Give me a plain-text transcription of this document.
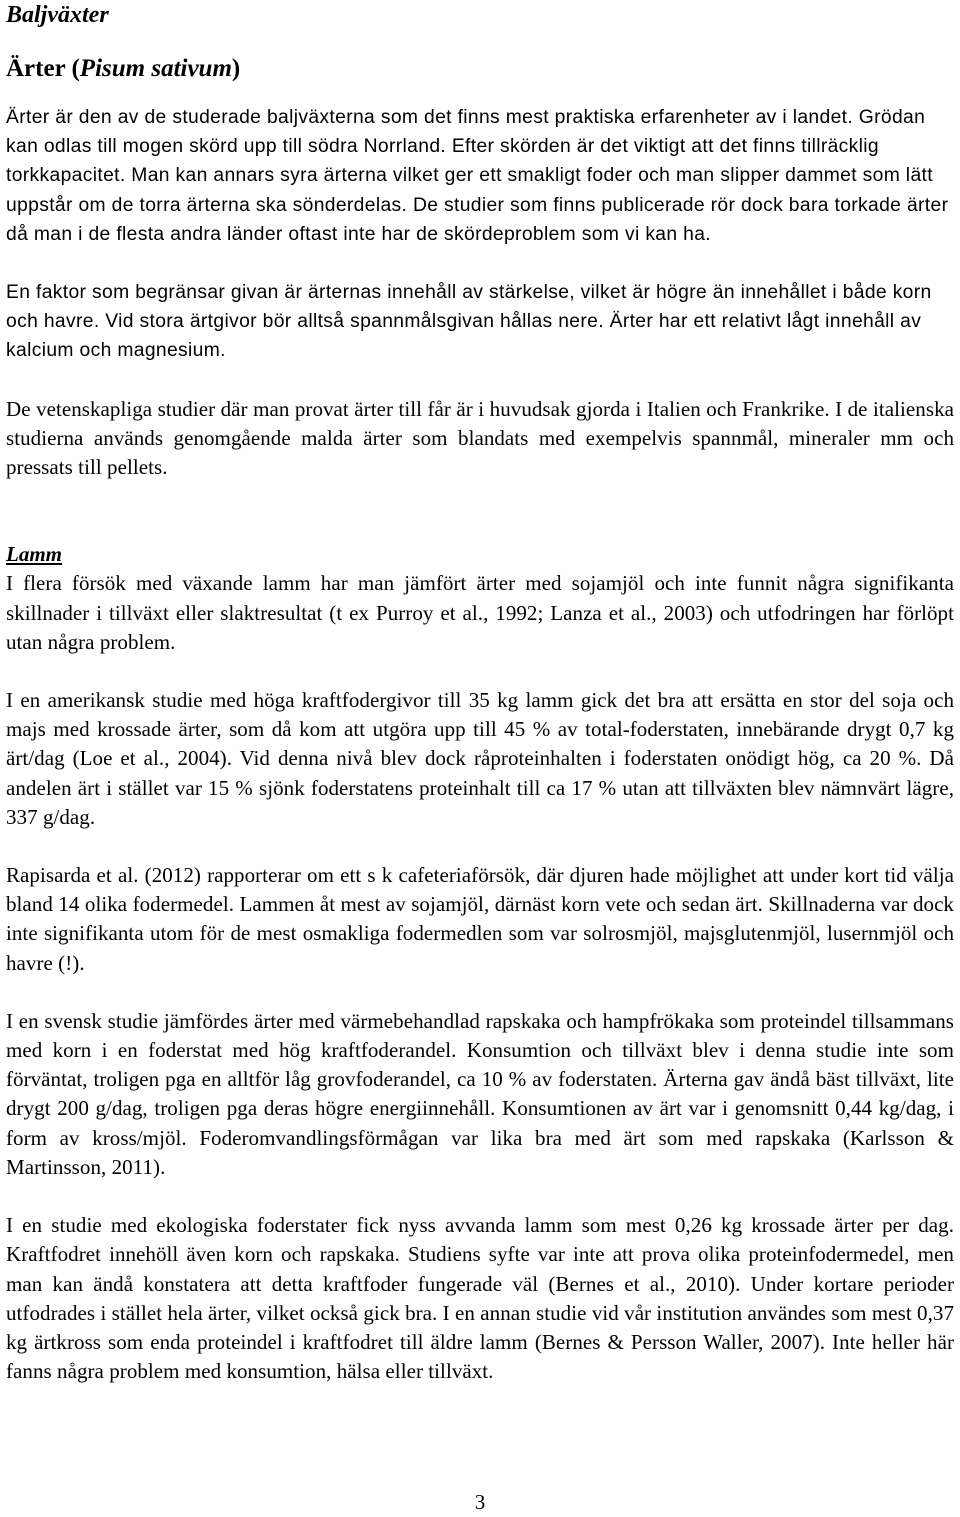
Baljväxter
Ärter (Pisum sativum)

Ärter är den av de studerade baljväxterna som det finns mest praktiska erfarenheter av i landet. Grödan kan odlas till mogen skörd upp till södra Norrland. Efter skörden är det viktigt att det finns tillräcklig torkkapacitet. Man kan annars syra ärterna vilket ger ett smakligt foder och man slipper dammet som lätt uppstår om de torra ärterna ska sönderdelas. De studier som finns publicerade rör dock bara torkade ärter då man i de flesta andra länder oftast inte har de skördeproblem som vi kan ha.

En faktor som begränsar givan är ärternas innehåll av stärkelse, vilket är högre än innehållet i både korn och havre. Vid stora ärtgivor bör alltså spannmålsgivan hållas nere. Ärter har ett relativt lågt innehåll av kalcium och magnesium.

De vetenskapliga studier där man provat ärter till får är i huvudsak gjorda i Italien och Frankrike. I de italienska studierna används genomgående malda ärter som blandats med exempelvis spannmål, mineraler mm och pressats till pellets.

Lamm

I flera försök med växande lamm har man jämfört ärter med sojamjöl och inte funnit några signifikanta skillnader i tillväxt eller slaktresultat (t ex Purroy et al., 1992; Lanza et al., 2003) och utfodringen har förlöpt utan några problem.

I en amerikansk studie med höga kraftfodergivor till 35 kg lamm gick det bra att ersätta en stor del soja och majs med krossade ärter, som då kom att utgöra upp till 45 % av total-foderstaten, innebärande drygt 0,7 kg ärt/dag (Loe et al., 2004). Vid denna nivå blev dock råproteinhalten i foderstaten onödigt hög, ca 20 %. Då andelen ärt i stället var 15 % sjönk foderstatens proteinhalt till ca 17 % utan att tillväxten blev nämnvärt lägre, 337 g/dag.

Rapisarda et al. (2012) rapporterar om ett s k cafeteriaförsök, där djuren hade möjlighet att under kort tid välja bland 14 olika fodermedel. Lammen åt mest av sojamjöl, därnäst korn vete och sedan ärt. Skillnaderna var dock inte signifikanta utom för de mest osmakliga fodermedlen som var solrosmjöl, majsglutenmjöl, lusernmjöl och havre (!).

I en svensk studie jämfördes ärter med värmebehandlad rapskaka och hampfrökaka som proteindel tillsammans med korn i en foderstat med hög kraftfoderandel. Konsumtion och tillväxt blev i denna studie inte som förväntat, troligen pga en alltför låg grovfoderandel, ca 10 % av foderstaten. Ärterna gav ändå bäst tillväxt, lite drygt 200 g/dag, troligen pga deras högre energiinnehåll. Konsumtionen av ärt var i genomsnitt 0,44 kg/dag, i form av kross/mjöl. Foderomvandlingsförmågan var lika bra med ärt som med rapskaka (Karlsson & Martinsson, 2011).

I en studie med ekologiska foderstater fick nyss avvanda lamm som mest 0,26 kg krossade ärter per dag. Kraftfodret innehöll även korn och rapskaka. Studiens syfte var inte att prova olika proteinfodermedel, men man kan ändå konstatera att detta kraftfoder fungerade väl (Bernes et al., 2010). Under kortare perioder utfodrades i stället hela ärter, vilket också gick bra. I en annan studie vid vår institution användes som mest 0,37 kg ärtkross som enda proteindel i kraftfodret till äldre lamm (Bernes & Persson Waller, 2007). Inte heller här fanns några problem med konsumtion, hälsa eller tillväxt.

3
